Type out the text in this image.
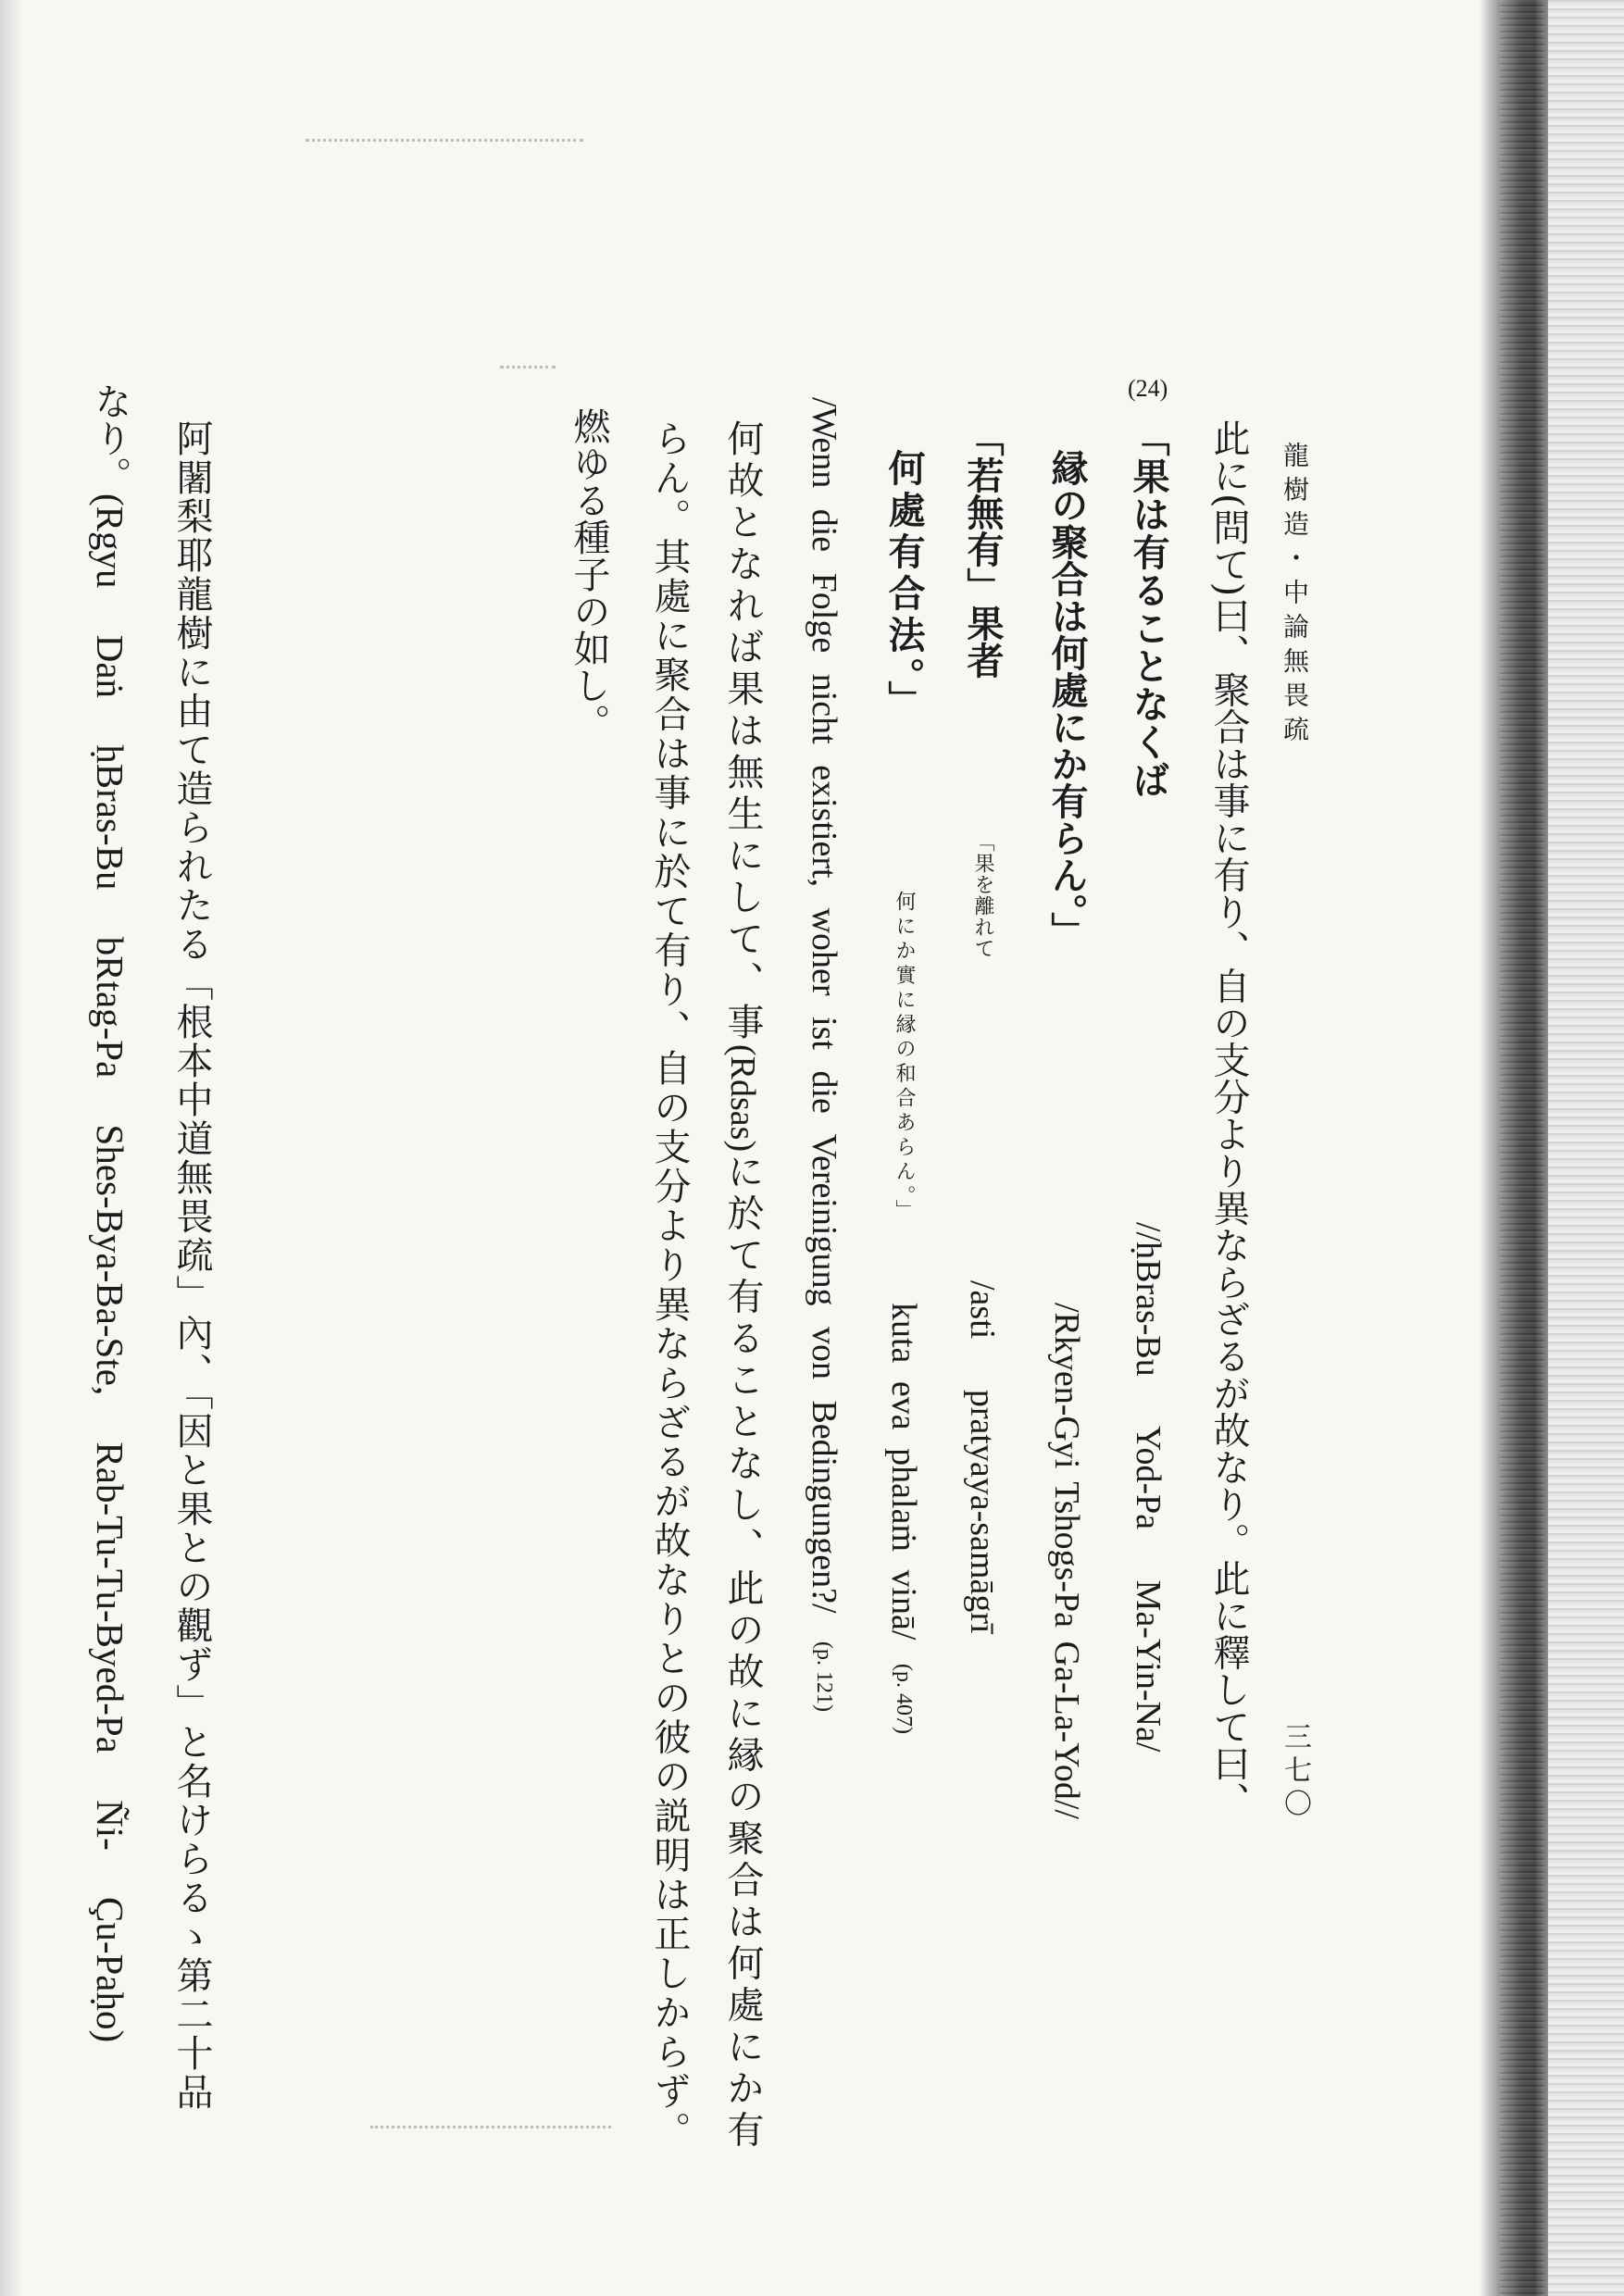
龍樹造・中論無畏疏
三七〇
此に(問て)曰、聚合は事に有り、自の支分より異ならざるが故なり。此に釋して曰、
(24)
「果は有ることなくば
//ḥBras-Bu Yod-Pa Ma-Yin-Na/
縁の聚合は何處にか有らん。」
/Rkyen-Gyi Tshogs-Pa Ga-La-Yod//
「若無有」果者
「果を離れて
/asti pratyaya-samāgrī
何處有合法。」
何にか實に縁の和合あらん。」
kuta eva phalaṁ vinā/
(p. 407)
/Wenn die Folge nicht existiert, woher ist die Vereinigung von Bedingungen?/
(p. 121)
何故となれば果は無生にして、事(Rdsas)に於て有ることなし、此の故に縁の聚合は何處にか有
らん。其處に聚合は事に於て有り、自の支分より異ならざるが故なりとの彼の説明は正しからず。
燃ゆる種子の如し。
阿闍梨耶龍樹に由て造られたる「根本中道無畏疏」內、「因と果との觀ず」と名けらるゝ第二十品
なり。(Rgyu Daṅ ḥBras-Bu bRtag-Pa Shes-Bya-Ba-Ste, Rab-Tu-Tu-Byed-Pa Ñi- Çu-Paḥo)
